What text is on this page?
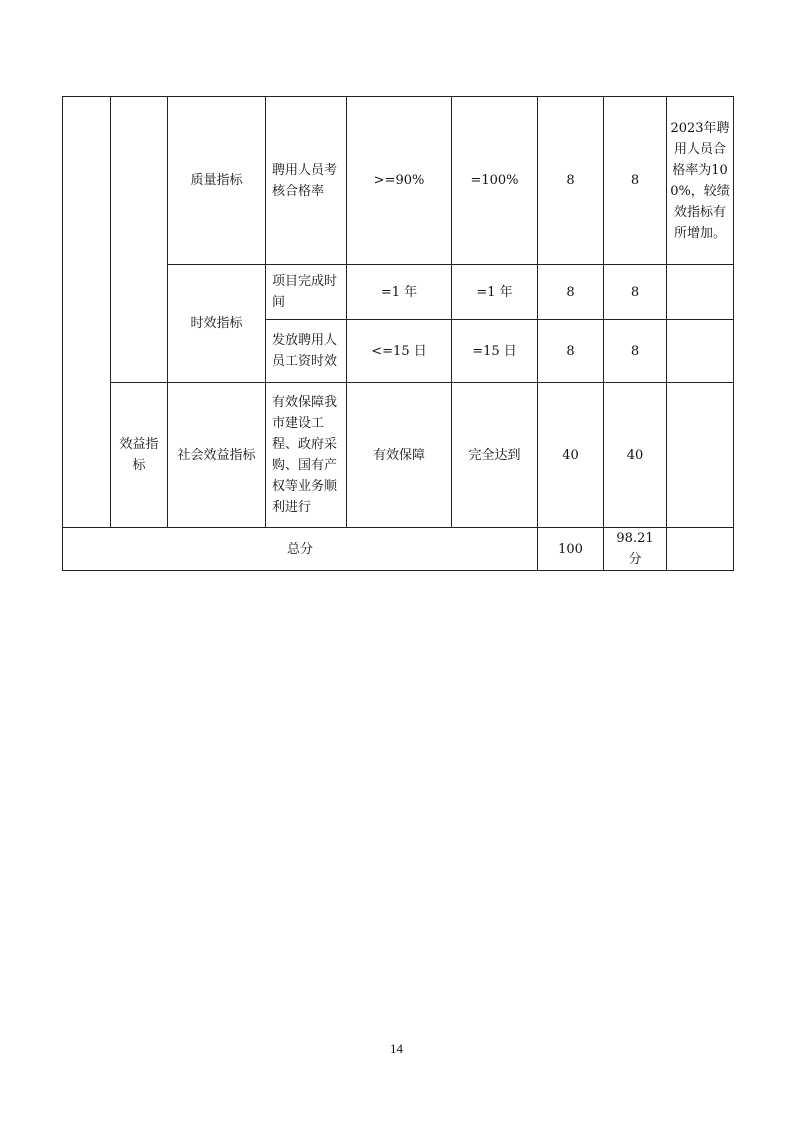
		质量指标	聘用人员考核合格率	>=90%	=100%	8	8	2023年聘用人员合格率为100%，较绩效指标有所增加。
		时效指标	项目完成时间	=1 年	=1 年	8	8	
			发放聘用人员工资时效	<=15 日	=15 日	8	8	
	效益指标	社会效益指标	有效保障我市建设工程、政府采购、国有产权等业务顺利进行	有效保障	完全达到	40	40	
总分						100	98.21 分	
14
